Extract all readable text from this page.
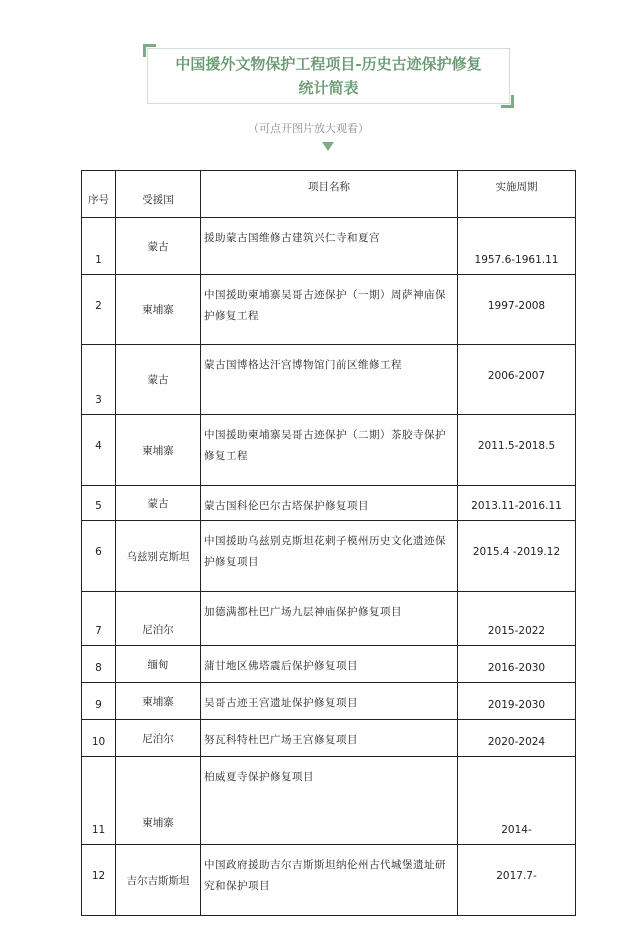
中国援外文物保护工程项目-历史古迹保护修复
统计简表
（可点开图片放大观看）
序号	受援国	项目名称	实施周期
1	蒙古	援助蒙古国维修古建筑兴仁寺和夏宫	1957.6-1961.11
2	柬埔寨	中国援助柬埔寨吴哥古迹保护（一期）周萨神庙保护修复工程	1997-2008
3	蒙古	蒙古国博格达汗宫博物馆门前区维修工程	2006-2007
4	柬埔寨	中国援助柬埔寨吴哥古迹保护（二期）茶胶寺保护修复工程	2011.5-2018.5
5	蒙古	蒙古国科伦巴尔古塔保护修复项目	2013.11-2016.11
6	乌兹别克斯坦	中国援助乌兹别克斯坦花剌子模州历史文化遗迹保护修复项目	2015.4 -2019.12
7	尼泊尔	加德满都杜巴广场九层神庙保护修复项目	2015-2022
8	缅甸	蒲甘地区佛塔震后保护修复项目	2016-2030
9	柬埔寨	吴哥古迹王宫遗址保护修复项目	2019-2030
10	尼泊尔	努瓦科特杜巴广场王宫修复项目	2020-2024
11	柬埔寨	柏威夏寺保护修复项目	2014-
12	吉尔吉斯斯坦	中国政府援助吉尔吉斯斯坦纳伦州古代城堡遗址研究和保护项目	2017.7-
